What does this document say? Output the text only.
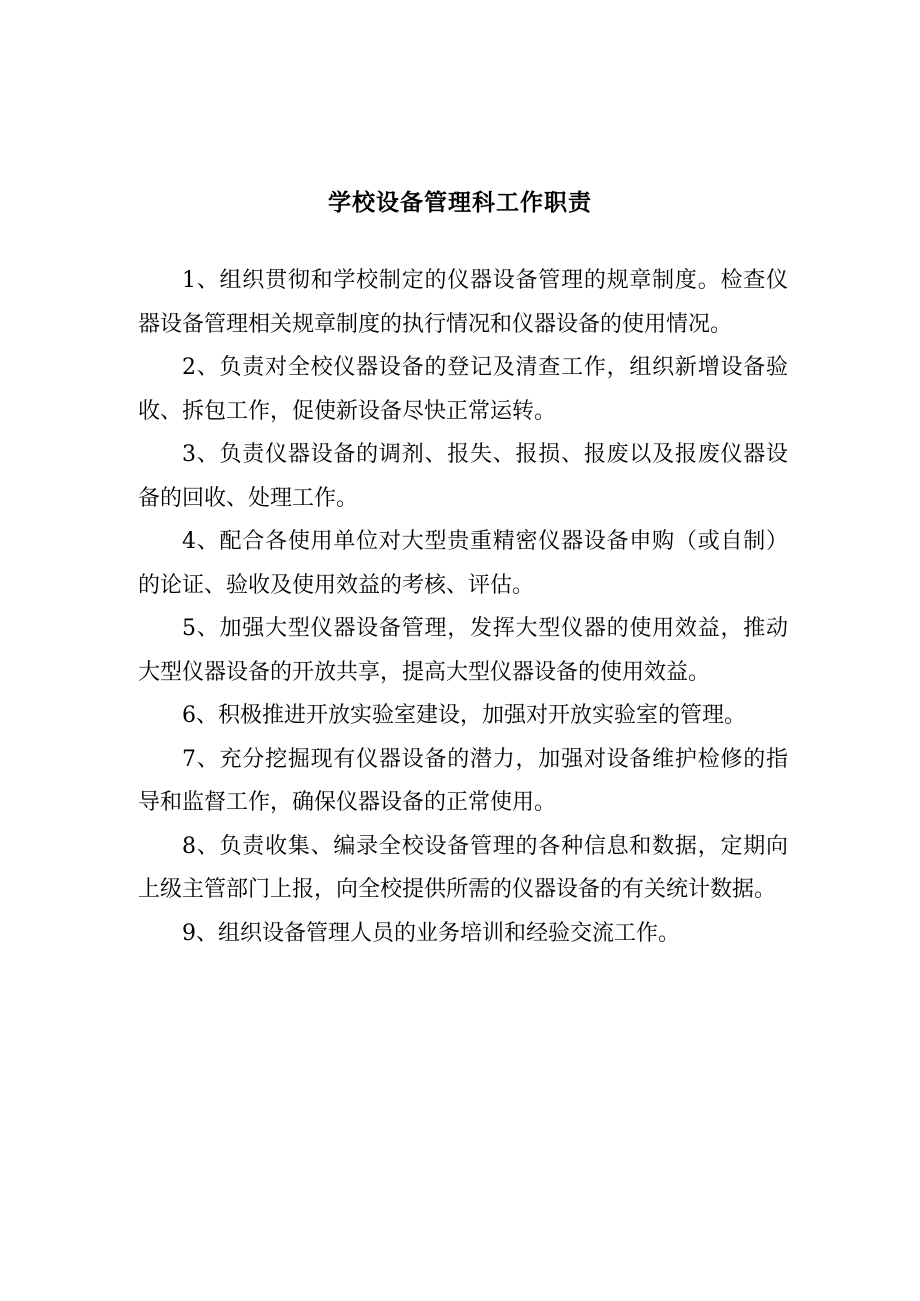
学校设备管理科工作职责

1、组织贯彻和学校制定的仪器设备管理的规章制度。检查仪器设备管理相关规章制度的执行情况和仪器设备的使用情况。

2、负责对全校仪器设备的登记及清查工作，组织新增设备验收、拆包工作，促使新设备尽快正常运转。

3、负责仪器设备的调剂、报失、报损、报废以及报废仪器设备的回收、处理工作。

4、配合各使用单位对大型贵重精密仪器设备申购（或自制）的论证、验收及使用效益的考核、评估。

5、加强大型仪器设备管理，发挥大型仪器的使用效益，推动大型仪器设备的开放共享，提高大型仪器设备的使用效益。

6、积极推进开放实验室建设，加强对开放实验室的管理。

7、充分挖掘现有仪器设备的潜力，加强对设备维护检修的指导和监督工作，确保仪器设备的正常使用。

8、负责收集、编录全校设备管理的各种信息和数据，定期向上级主管部门上报，向全校提供所需的仪器设备的有关统计数据。

9、组织设备管理人员的业务培训和经验交流工作。
